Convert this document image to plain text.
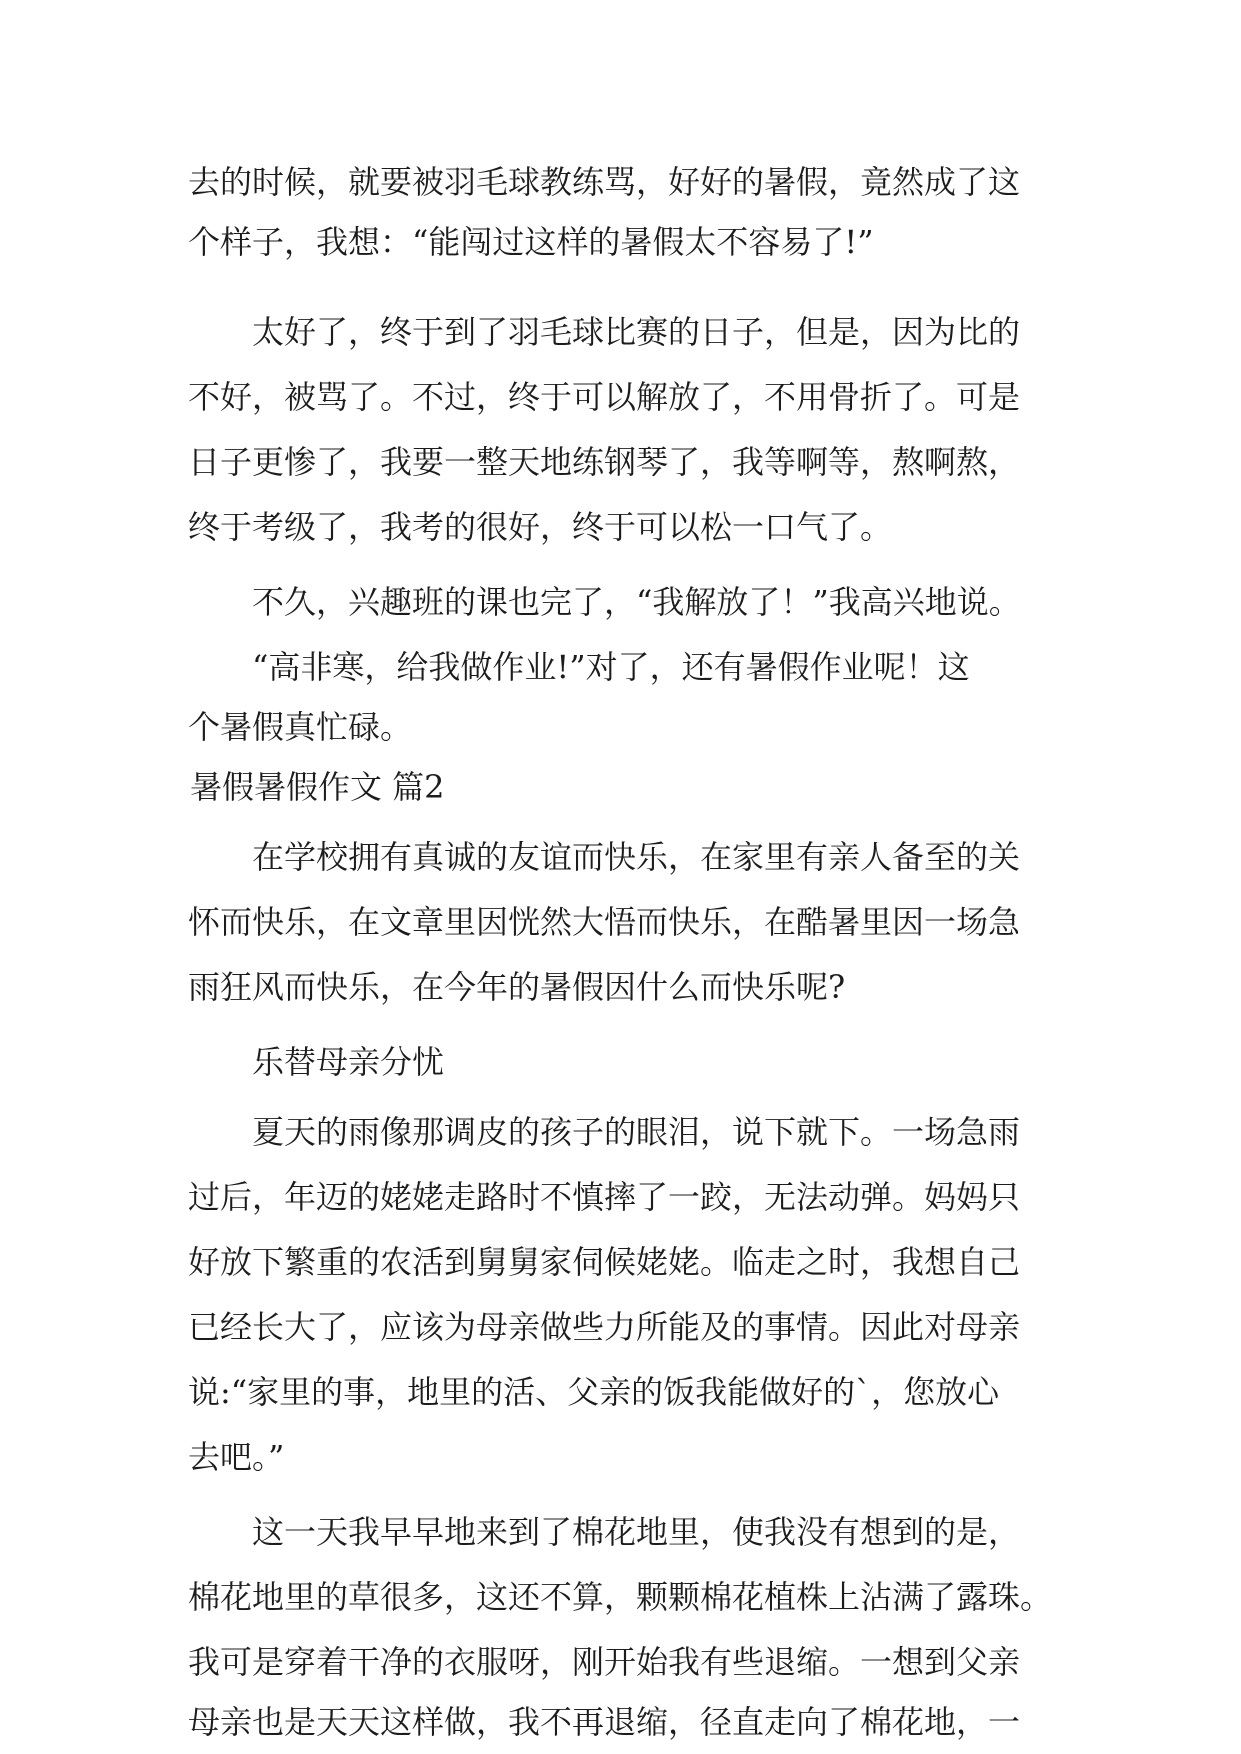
去的时候，就要被羽毛球教练骂，好好的暑假，竟然成了这
个样子，我想：“能闯过这样的暑假太不容易了!”
太好了，终于到了羽毛球比赛的日子，但是，因为比的
不好，被骂了。不过，终于可以解放了，不用骨折了。可是
日子更惨了，我要一整天地练钢琴了，我等啊等，熬啊熬，
终于考级了，我考的很好，终于可以松一口气了。
不久，兴趣班的课也完了，“我解放了！”我高兴地说。
“高非寒，给我做作业!”对了，还有暑假作业呢！这
个暑假真忙碌。
暑假暑假作文 篇2
在学校拥有真诚的友谊而快乐，在家里有亲人备至的关
怀而快乐，在文章里因恍然大悟而快乐，在酷暑里因一场急
雨狂风而快乐，在今年的暑假因什么而快乐呢?
乐替母亲分忧
夏天的雨像那调皮的孩子的眼泪，说下就下。一场急雨
过后，年迈的姥姥走路时不慎摔了一跤，无法动弹。妈妈只
好放下繁重的农活到舅舅家伺候姥姥。临走之时，我想自己
已经长大了，应该为母亲做些力所能及的事情。因此对母亲
说:“家里的事，地里的活、父亲的饭我能做好的`，您放心
去吧。”
这一天我早早地来到了棉花地里，使我没有想到的是，
棉花地里的草很多，这还不算，颗颗棉花植株上沾满了露珠。
我可是穿着干净的衣服呀，刚开始我有些退缩。一想到父亲
母亲也是天天这样做，我不再退缩，径直走向了棉花地，一
